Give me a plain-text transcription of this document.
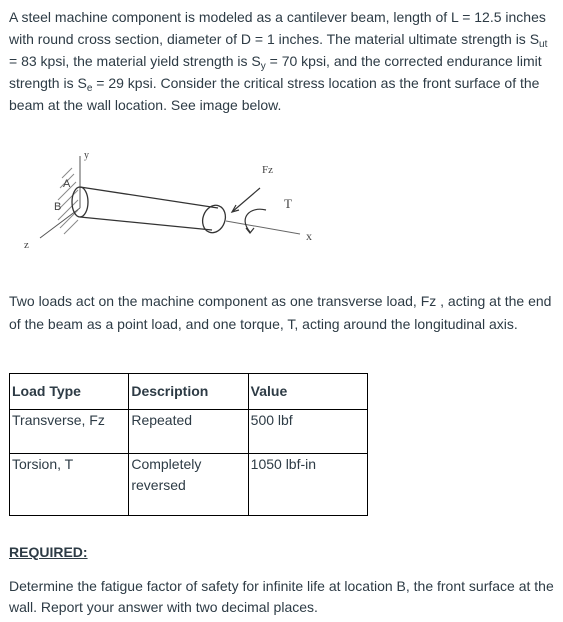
A steel machine component is modeled as a cantilever beam, length of L = 12.5 inches with round cross section, diameter of D = 1 inches. The material ultimate strength is $S_{ut} = 83$ kpsi, the material yield strength is $S_y = 70$ kpsi, and the corrected endurance limit strength is $S_e = 29$ kpsi. Consider the critical stress location as the front surface of the beam at the wall location. See image below.

y
A
B
z
x
Fz
T

Two loads act on the machine component as one transverse load, Fz , acting at the end of the beam as a point load, and one torque, T, acting around the longitudinal axis.

Load Type	Description	Value
Transverse, Fz	Repeated	500 lbf
Torsion, T	Completely reversed	1050 lbf-in

REQUIRED:

Determine the fatigue factor of safety for infinite life at location B, the front surface at the wall. Report your answer with two decimal places.
